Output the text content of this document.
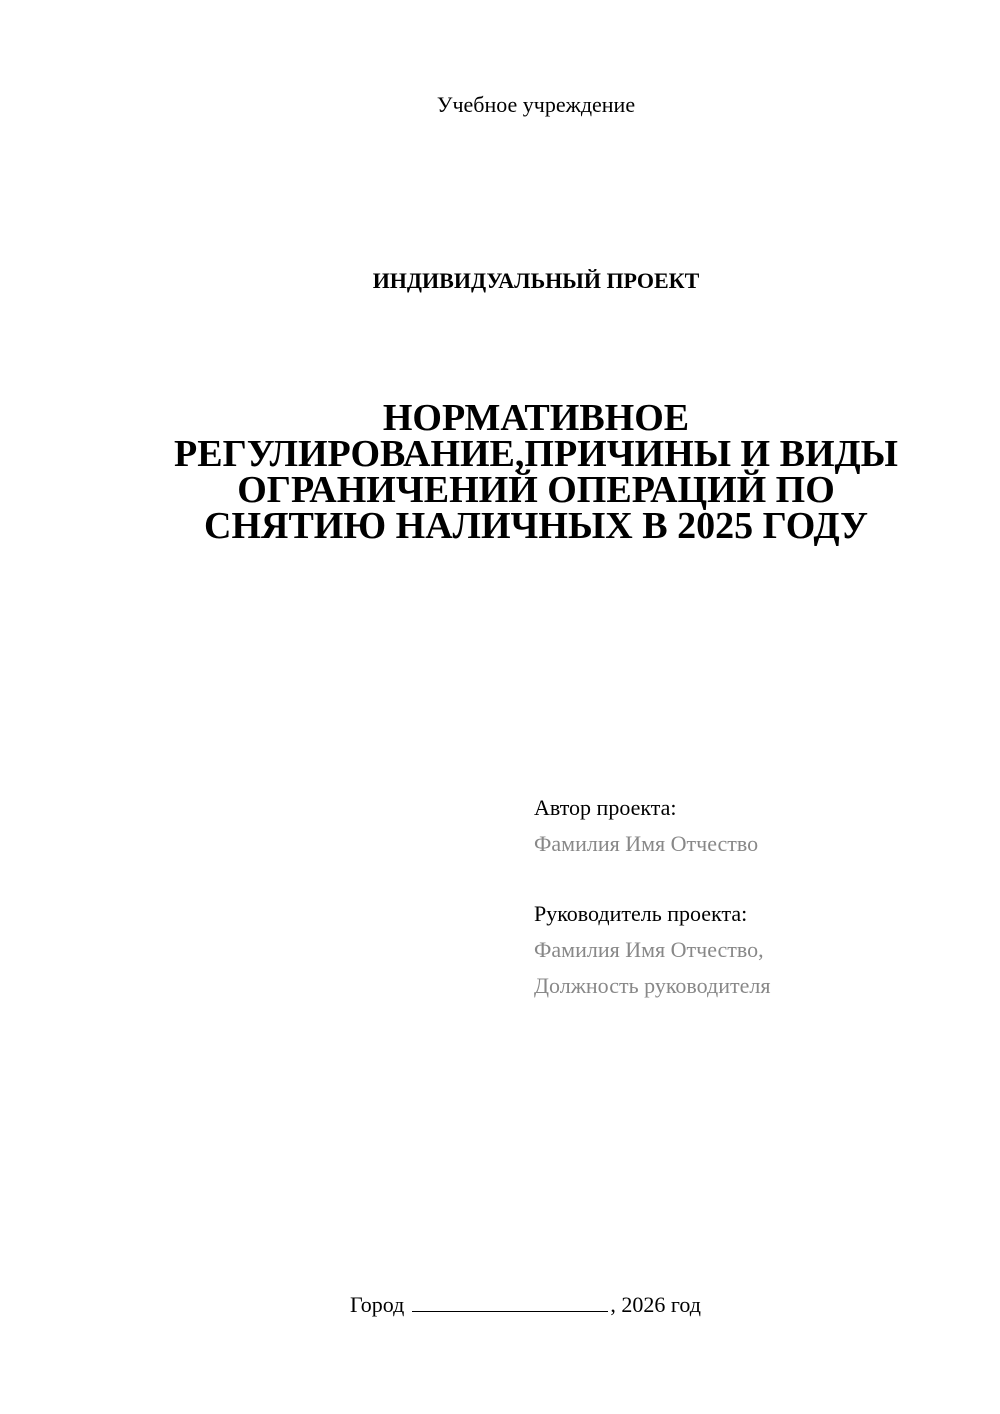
Учебное учреждение
ИНДИВИДУАЛЬНЫЙ ПРОЕКТ
НОРМАТИВНОЕ
РЕГУЛИРОВАНИЕ,ПРИЧИНЫ И ВИДЫ
ОГРАНИЧЕНИЙ ОПЕРАЦИЙ ПО
СНЯТИЮ НАЛИЧНЫХ В 2025 ГОДУ
Автор проекта:
Фамилия Имя Отчество
Руководитель проекта:
Фамилия Имя Отчество,
Должность руководителя
Город	, 2026 год
